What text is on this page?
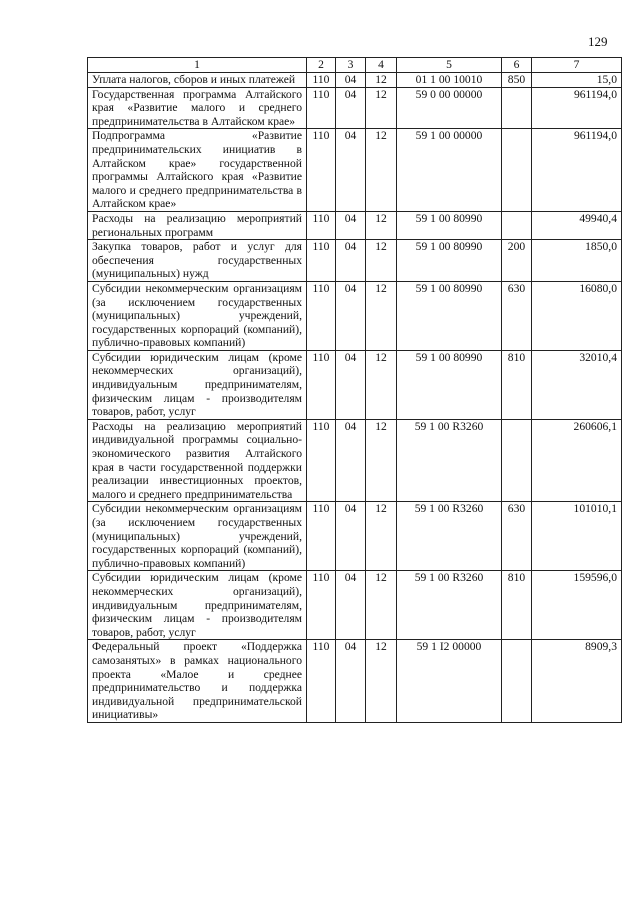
129
1	2	3	4	5	6	7
Уплата налогов, сборов и иных платежей	110	04	12	01 1 00 10010	850	15,0
Государственная программа Алтайского края «Развитие малого и среднего предпринимательства в Алтайском крае»	110	04	12	59 0 00 00000		961194,0
Подпрограмма «Развитие предпринимательских инициатив в Алтайском крае» государственной программы Алтайского края «Развитие малого и среднего предпринимательства в Алтайском крае»	110	04	12	59 1 00 00000		961194,0
Расходы на реализацию мероприятий региональных программ	110	04	12	59 1 00 80990		49940,4
Закупка товаров, работ и услуг для обеспечения государственных (муниципальных) нужд	110	04	12	59 1 00 80990	200	1850,0
Субсидии некоммерческим организациям (за исключением государственных (муниципальных) учреждений, государственных корпораций (компаний), публично-правовых компаний)	110	04	12	59 1 00 80990	630	16080,0
Субсидии юридическим лицам (кроме некоммерческих организаций), индивидуальным предпринимателям, физическим лицам - производителям товаров, работ, услуг	110	04	12	59 1 00 80990	810	32010,4
Расходы на реализацию мероприятий индивидуальной программы социально-экономического развития Алтайского края в части государственной поддержки реализации инвестиционных проектов, малого и среднего предпринимательства	110	04	12	59 1 00 R3260		260606,1
Субсидии некоммерческим организациям (за исключением государственных (муниципальных) учреждений, государственных корпораций (компаний), публично-правовых компаний)	110	04	12	59 1 00 R3260	630	101010,1
Субсидии юридическим лицам (кроме некоммерческих организаций), индивидуальным предпринимателям, физическим лицам - производителям товаров, работ, услуг	110	04	12	59 1 00 R3260	810	159596,0
Федеральный проект «Поддержка самозанятых» в рамках национального проекта «Малое и среднее предпринимательство и поддержка индивидуальной предпринимательской инициативы»	110	04	12	59 1 I2 00000		8909,3
